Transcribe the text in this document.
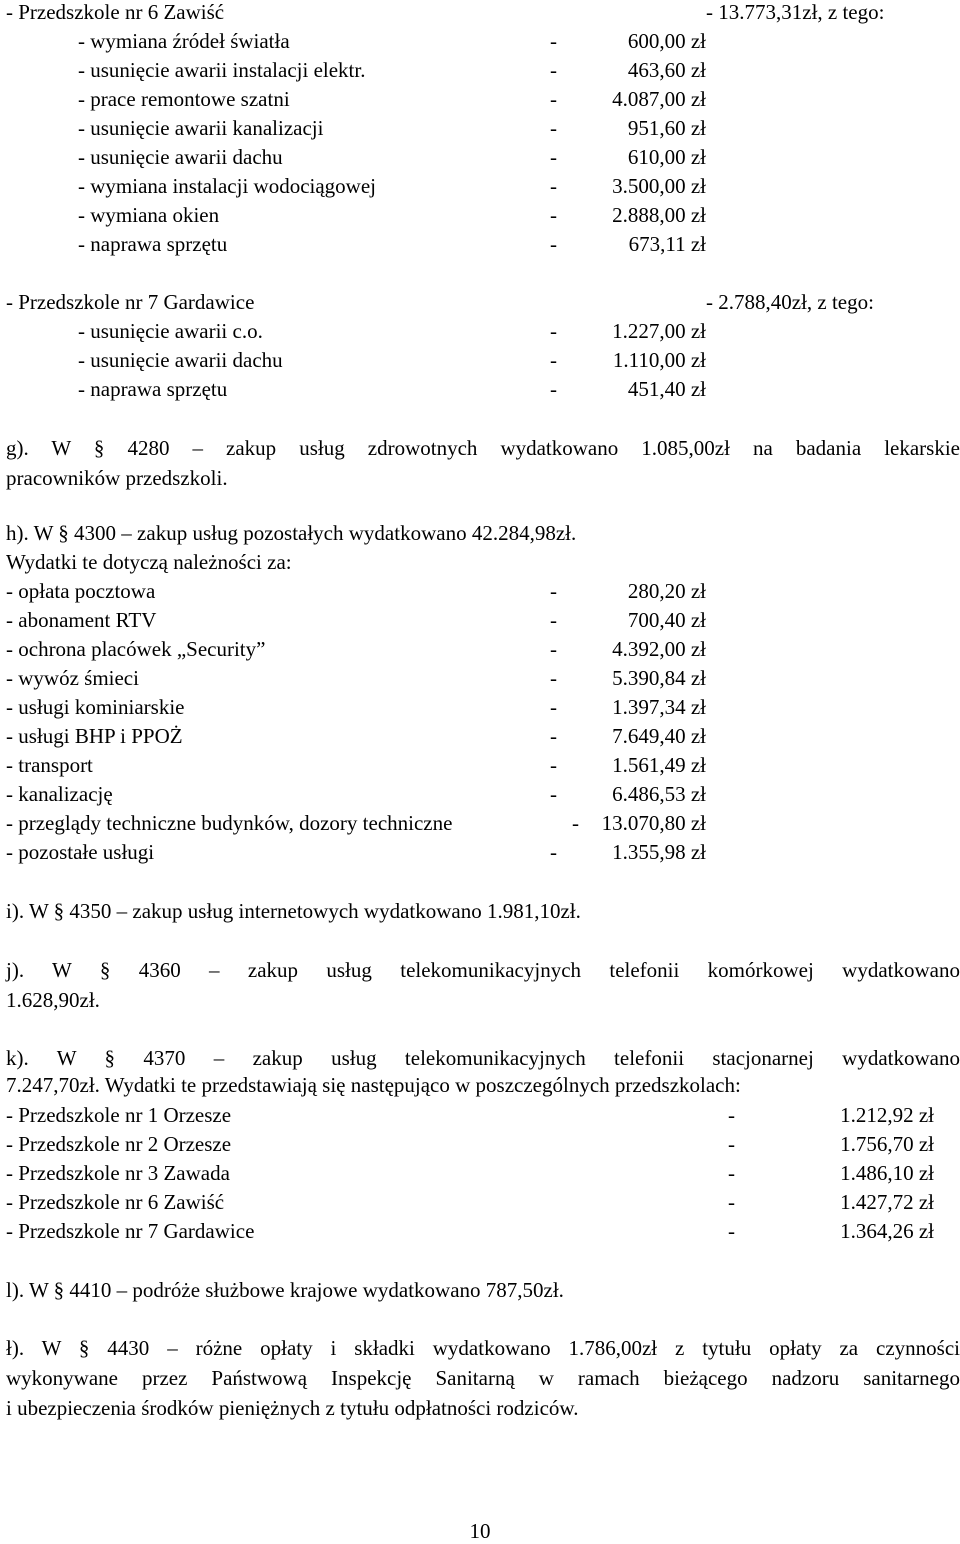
- Przedszkole nr 6 Zawiść	- 13.773,31zł, z tego:
- wymiana źródeł światła	-	600,00 zł
- usunięcie awarii instalacji elektr.	-	463,60 zł
- prace remontowe szatni	-	4.087,00 zł
- usunięcie awarii kanalizacji	-	951,60 zł
- usunięcie awarii dachu	-	610,00 zł
- wymiana instalacji wodociągowej	-	3.500,00 zł
- wymiana okien	-	2.888,00 zł
- naprawa sprzętu	-	673,11 zł
- Przedszkole nr 7 Gardawice	- 2.788,40zł, z tego:
- usunięcie awarii c.o.	-	1.227,00 zł
- usunięcie awarii dachu	-	1.110,00 zł
- naprawa sprzętu	-	451,40 zł
g). W § 4280 – zakup usług zdrowotnych wydatkowano 1.085,00zł na badania lekarskie
pracowników przedszkoli.
h). W § 4300 – zakup usług pozostałych wydatkowano 42.284,98zł.
Wydatki te dotyczą należności za:
- opłata pocztowa	-	280,20 zł
- abonament RTV	-	700,40 zł
- ochrona placówek „Security”	-	4.392,00 zł
- wywóz śmieci	-	5.390,84 zł
- usługi kominiarskie	-	1.397,34 zł
- usługi BHP i PPOŻ	-	7.649,40 zł
- transport	-	1.561,49 zł
- kanalizację	-	6.486,53 zł
- przeglądy techniczne budynków, dozory techniczne	-	13.070,80 zł
- pozostałe usługi	-	1.355,98 zł
i). W § 4350 – zakup usług internetowych wydatkowano 1.981,10zł.
j). W § 4360 – zakup usług telekomunikacyjnych telefonii komórkowej wydatkowano
1.628,90zł.
k). W § 4370 – zakup usług telekomunikacyjnych telefonii stacjonarnej wydatkowano
7.247,70zł. Wydatki te przedstawiają się następująco w poszczególnych przedszkolach:
- Przedszkole nr 1 Orzesze	-	1.212,92 zł
- Przedszkole nr 2 Orzesze	-	1.756,70 zł
- Przedszkole nr 3 Zawada	-	1.486,10 zł
- Przedszkole nr 6 Zawiść	-	1.427,72 zł
- Przedszkole nr 7 Gardawice	-	1.364,26 zł
l). W § 4410 – podróże służbowe krajowe wydatkowano 787,50zł.
ł). W § 4430 – różne opłaty i składki wydatkowano 1.786,00zł z tytułu opłaty za czynności
wykonywane przez Państwową Inspekcję Sanitarną w ramach bieżącego nadzoru sanitarnego
i ubezpieczenia środków pieniężnych z tytułu odpłatności rodziców.
10
